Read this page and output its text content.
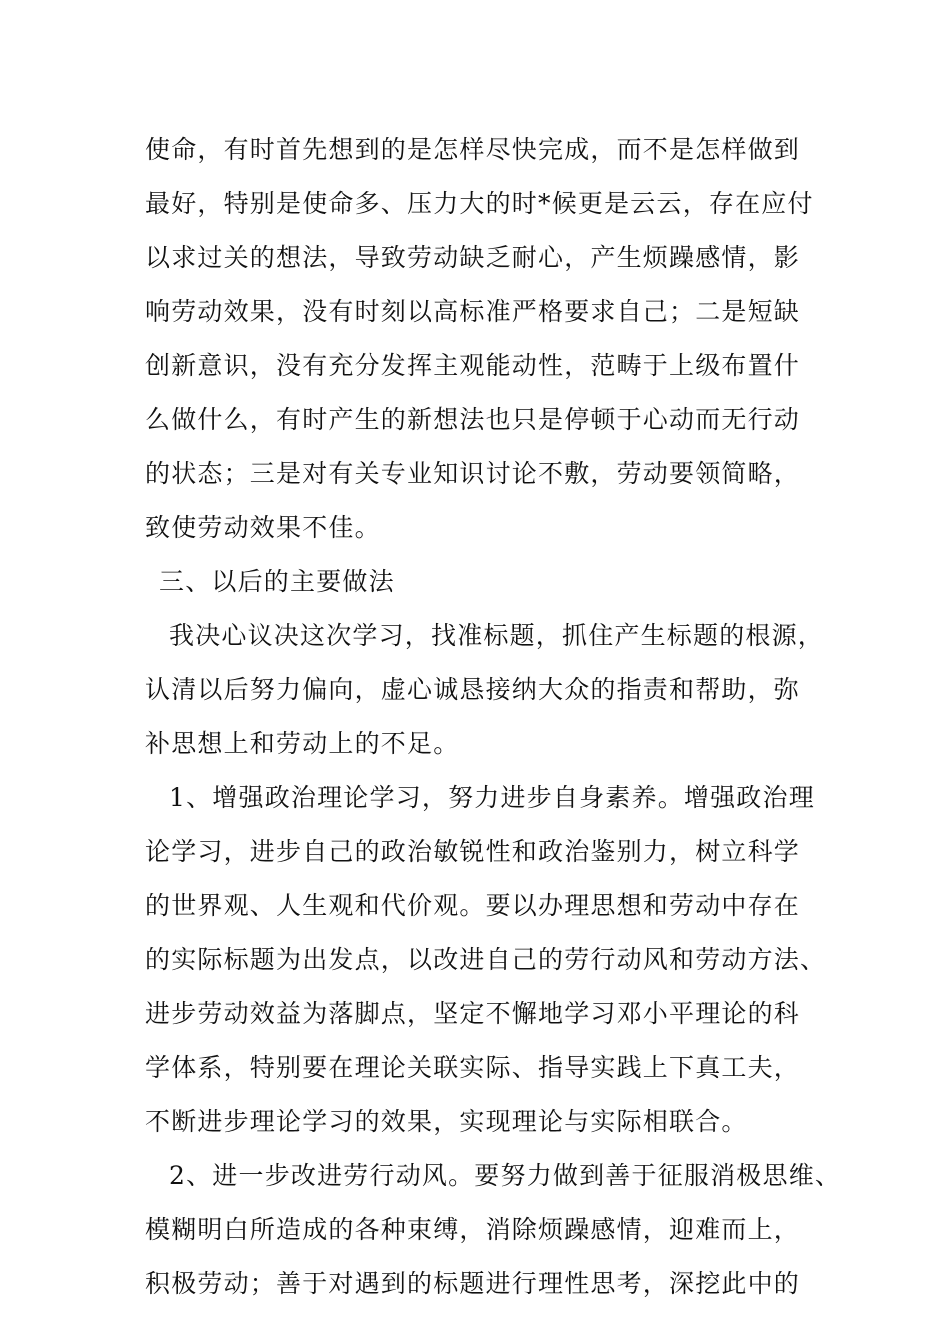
使命，有时首先想到的是怎样尽快完成，而不是怎样做到
最好，特别是使命多、压力大的时*候更是云云，存在应付
以求过关的想法，导致劳动缺乏耐心，产生烦躁感情，影
响劳动效果，没有时刻以高标准严格要求自己；二是短缺
创新意识，没有充分发挥主观能动性，范畴于上级布置什
么做什么，有时产生的新想法也只是停顿于心动而无行动
的状态；三是对有关专业知识讨论不敷，劳动要领简略，
致使劳动效果不佳。
三、以后的主要做法
我决心议决这次学习，找准标题，抓住产生标题的根源，
认清以后努力偏向，虚心诚恳接纳大众的指责和帮助，弥
补思想上和劳动上的不足。
1、增强政治理论学习，努力进步自身素养。增强政治理
论学习，进步自己的政治敏锐性和政治鉴别力，树立科学
的世界观、人生观和代价观。要以办理思想和劳动中存在
的实际标题为出发点，以改进自己的劳行动风和劳动方法、
进步劳动效益为落脚点，坚定不懈地学习邓小平理论的科
学体系，特别要在理论关联实际、指导实践上下真工夫，
不断进步理论学习的效果，实现理论与实际相联合。
2、进一步改进劳行动风。要努力做到善于征服消极思维、
模糊明白所造成的各种束缚，消除烦躁感情，迎难而上，
积极劳动；善于对遇到的标题进行理性思考，深挖此中的
